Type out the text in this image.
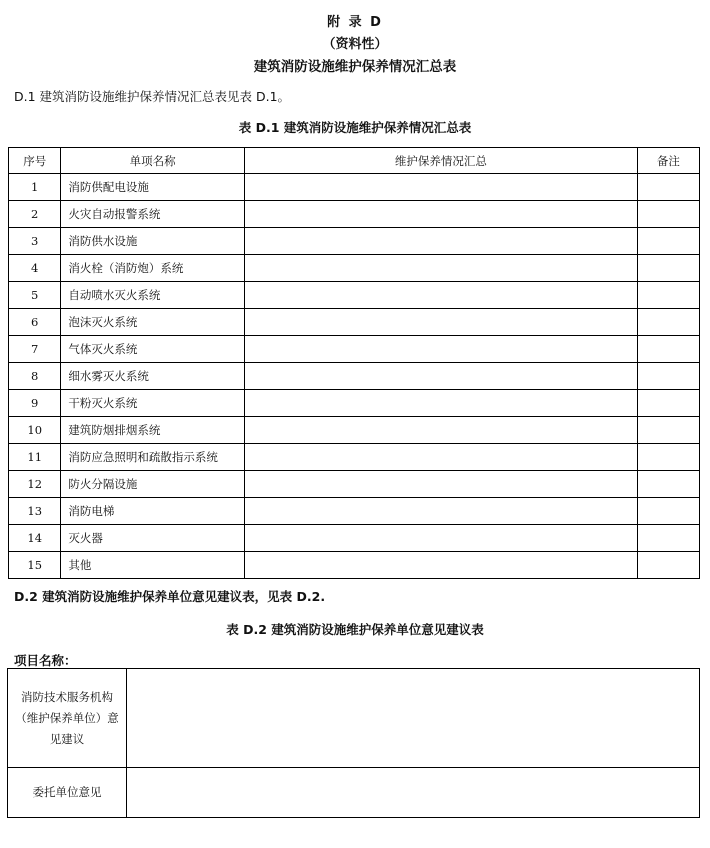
附 录 D
（资料性）
建筑消防设施维护保养情况汇总表
D.1 建筑消防设施维护保养情况汇总表见表 D.1。
表 D.1 建筑消防设施维护保养情况汇总表
序号	单项名称	维护保养情况汇总	备注
1	消防供配电设施		
2	火灾自动报警系统		
3	消防供水设施		
4	消火栓（消防炮）系统		
5	自动喷水灭火系统		
6	泡沫灭火系统		
7	气体灭火系统		
8	细水雾灭火系统		
9	干粉灭火系统		
10	建筑防烟排烟系统		
11	消防应急照明和疏散指示系统		
12	防火分隔设施		
13	消防电梯		
14	灭火器		
15	其他		
D.2 建筑消防设施维护保养单位意见建议表，见表 D.2.
表 D.2 建筑消防设施维护保养单位意见建议表
项目名称：
消防技术服务机构
（维护保养单位）意
见建议	

委托单位意见	
